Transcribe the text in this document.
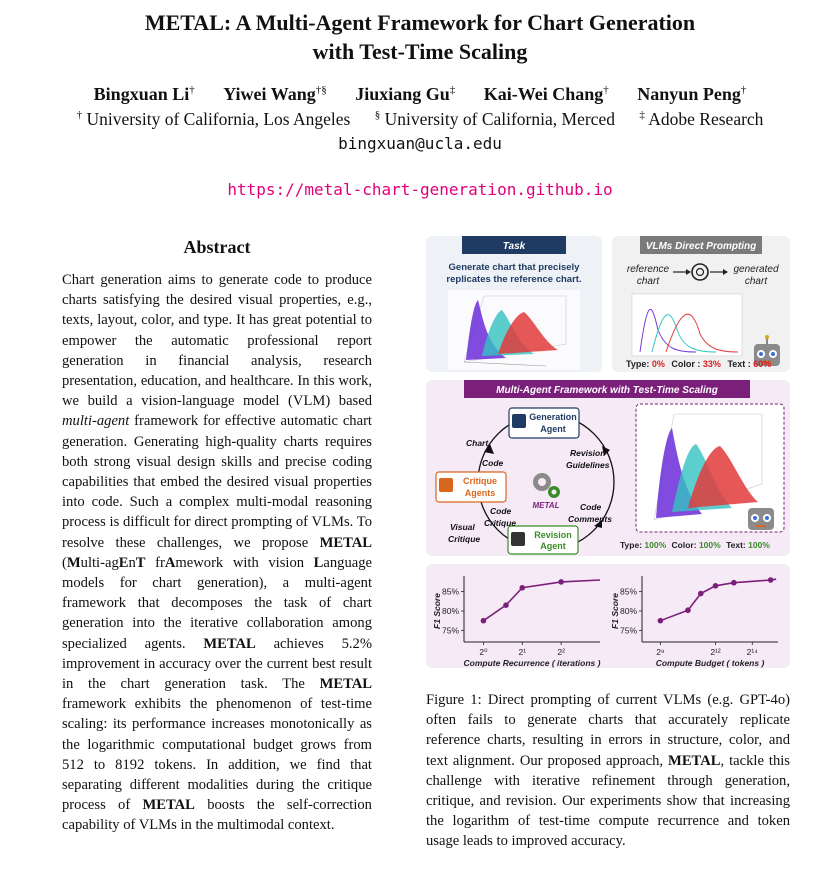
METAL: A Multi-Agent Framework for Chart Generation
with Test-Time Scaling
Bingxuan Li† Yiwei Wang†§ Jiuxiang Gu‡ Kai-Wei Chang† Nanyun Peng†
† University of California, Los Angeles § University of California, Merced ‡ Adobe Research
bingxuan@ucla.edu
https://metal-chart-generation.github.io
Abstract
Chart generation aims to generate code to produce charts satisfying the desired visual properties, e.g., texts, layout, color, and type. It has great potential to empower the automatic professional report generation in financial analysis, research presentation, education, and healthcare. In this work, we build a vision-language model (VLM) based multi-agent framework for effective automatic chart generation. Generating high-quality charts requires both strong visual design skills and precise coding capabilities that embed the desired visual properties into code. Such a complex multi-modal reasoning process is difficult for direct prompting of VLMs. To resolve these challenges, we propose METAL (Multi-agEnT frAmework with vision Language models for chart generation), a multi-agent framework that decomposes the task of chart generation into the iterative collaboration among specialized agents. METAL achieves 5.2% improvement in accuracy over the current best result in the chart generation task. The METAL framework exhibits the phenomenon of test-time scaling: its performance increases monotonically as the logarithmic computational budget grows from 512 to 8192 tokens. In addition, we find that separating different modalities during the critique process of METAL boosts the self-correction capability of VLMs in the multimodal context.
Task
Generate chart that precisely
replicates the reference chart.
VLMs Direct Prompting
reference
chart
generated
chart
Type: 0% Color : 33% Text : 60%
Multi-Agent Framework with Test-Time Scaling
Generation
Agent
Critique
Agents
Revision
Agent
METAL
Chart
Code
Revision
Guidelines
Code
Critique
Code
Comments
Visual
Critique
Type: 100% Color: 100% Text: 100%
75%
80%
85%
2⁰	2¹	2²
F1 Score
Compute Recurrence ( iterations )
75%
80%
85%
2⁹	2¹²	2¹⁴
F1 Score
Compute Budget ( tokens )
Figure 1: Direct prompting of current VLMs (e.g. GPT-4o) often fails to generate charts that accurately replicate reference charts, resulting in errors in structure, color, and text alignment. Our proposed approach, METAL, tackle this challenge with iterative refinement through generation, critique, and revision. Our experiments show that increasing the logarithm of test-time compute recurrence and token usage leads to improved accuracy.
